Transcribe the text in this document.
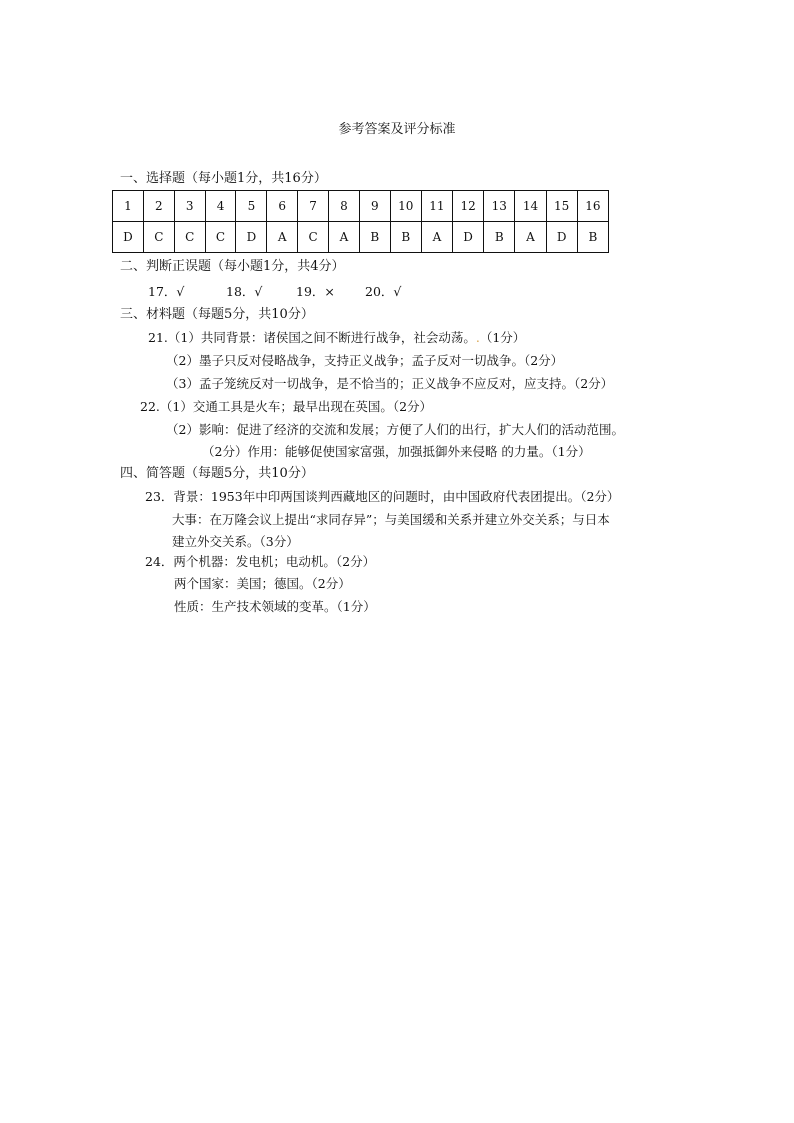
参考答案及评分标准
一、选择题（每小题1分，共16分）
1	2	3	4	5	6	7	8	9	10	11	12	13	14	15	16
D	C	C	C	D	A	C	A	B	B	A	D	B	A	D	B
二、判断正误题（每小题1分，共4分）
17．√	18．√	19．× 20．√
三、材料题（每题5分，共10分）
21.（1）共同背景：诸侯国之间不断进行战争，社会动荡。.（1分）
（2）墨子只反对侵略战争，支持正义战争；孟子反对一切战争。（2分）
（3）孟子笼统反对一切战争，是不恰当的；正义战争不应反对，应支持。（2分）
22.（1）交通工具是火车；最早出现在英国。（2分）
（2）影响：促进了经济的交流和发展；方便了人们的出行，扩大人们的活动范围。
（2分）作用：能够促使国家富强，加强抵御外来侵略 的力量。（1分）
四、简答题（每题5分，共10分）
23．背景：1953年中印两国谈判西藏地区的问题时，由中国政府代表团提出。（2分）
大事：在万隆会议上提出“求同存异”；与美国缓和关系并建立外交关系；与日本
建立外交关系。（3分）
24．两个机器：发电机；电动机。（2分）
两个国家：美国；德国。（2分）
性质：生产技术领域的变革。（1分）
